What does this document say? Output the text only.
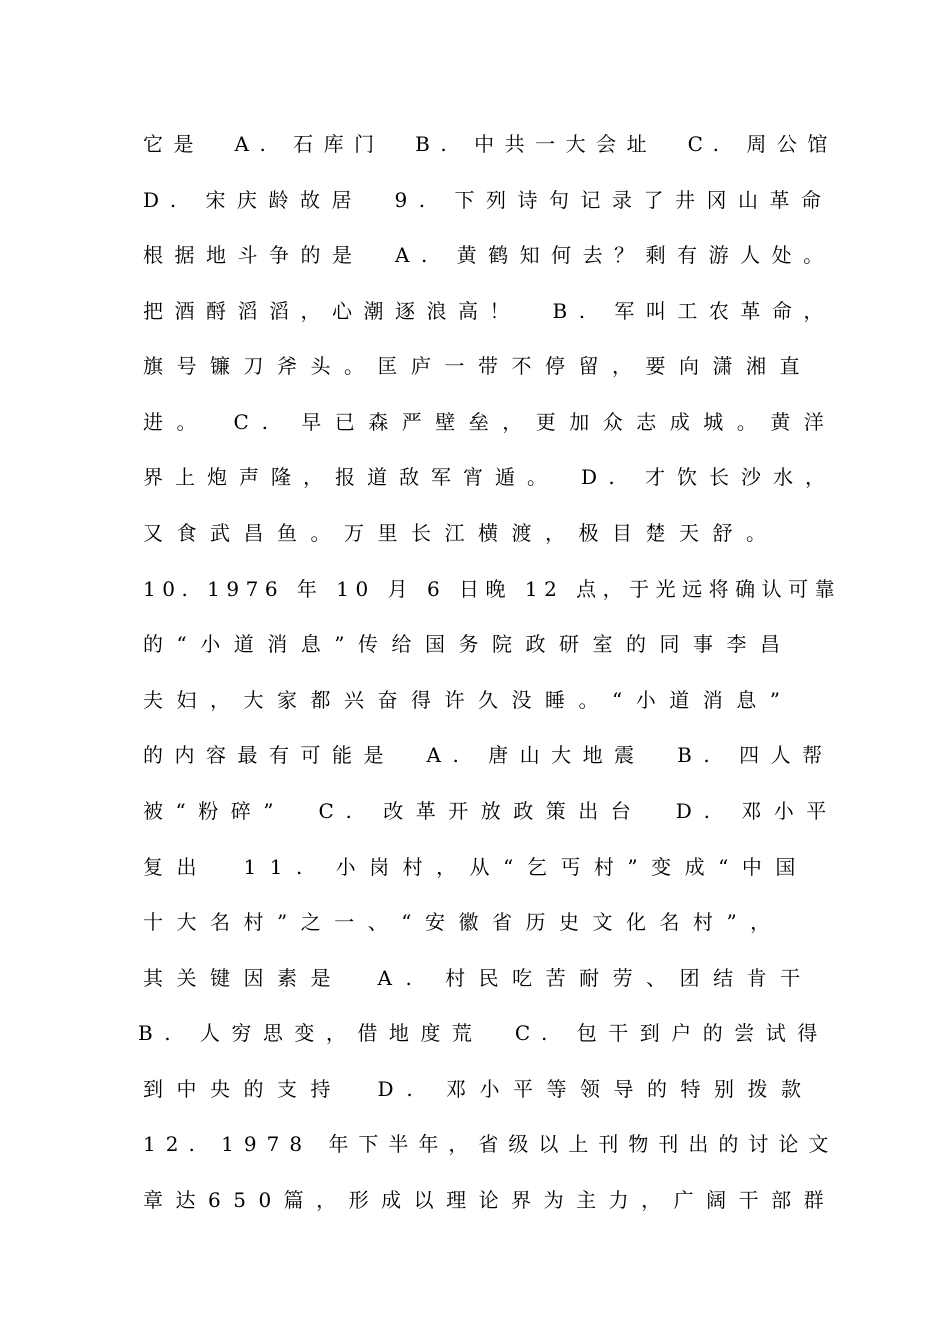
它是　A. 石库门　B. 中共一大会址　C. 周公馆
D. 宋庆龄故居　9. 下列诗句记录了井冈山革命
根据地斗争的是　A. 黄鹤知何去？剩有游人处。
把酒酹滔滔，心潮逐浪高！　B. 军叫工农革命，
旗号镰刀斧头。匡庐一带不停留，要向潇湘直
进。　C. 早已森严壁垒，更加众志成城。黄洋
界上炮声隆，报道敌军宵遁。　D. 才饮长沙水，
又食武昌鱼。万里长江横渡，极目楚天舒。
10. 1976 年 10 月 6 日晚 12 点，于光远将确认可靠
的“小道消息”传给国务院政研室的同事李昌
夫妇，大家都兴奋得许久没睡。“小道消息”
的内容最有可能是　A. 唐山大地震　B. 四人帮
被“粉碎”　C. 改革开放政策出台　D. 邓小平
复出　11. 小岗村，从“乞丐村”变成“中国
十大名村”之一、“安徽省历史文化名村”，
其关键因素是　A. 村民吃苦耐劳、团结肯干
B. 人穷思变，借地度荒　C. 包干到户的尝试得
到中央的支持　D. 邓小平等领导的特别拨款
12. 1978 年下半年，省级以上刊物刊出的讨论文
章达650篇，形成以理论界为主力，广阔干部群
